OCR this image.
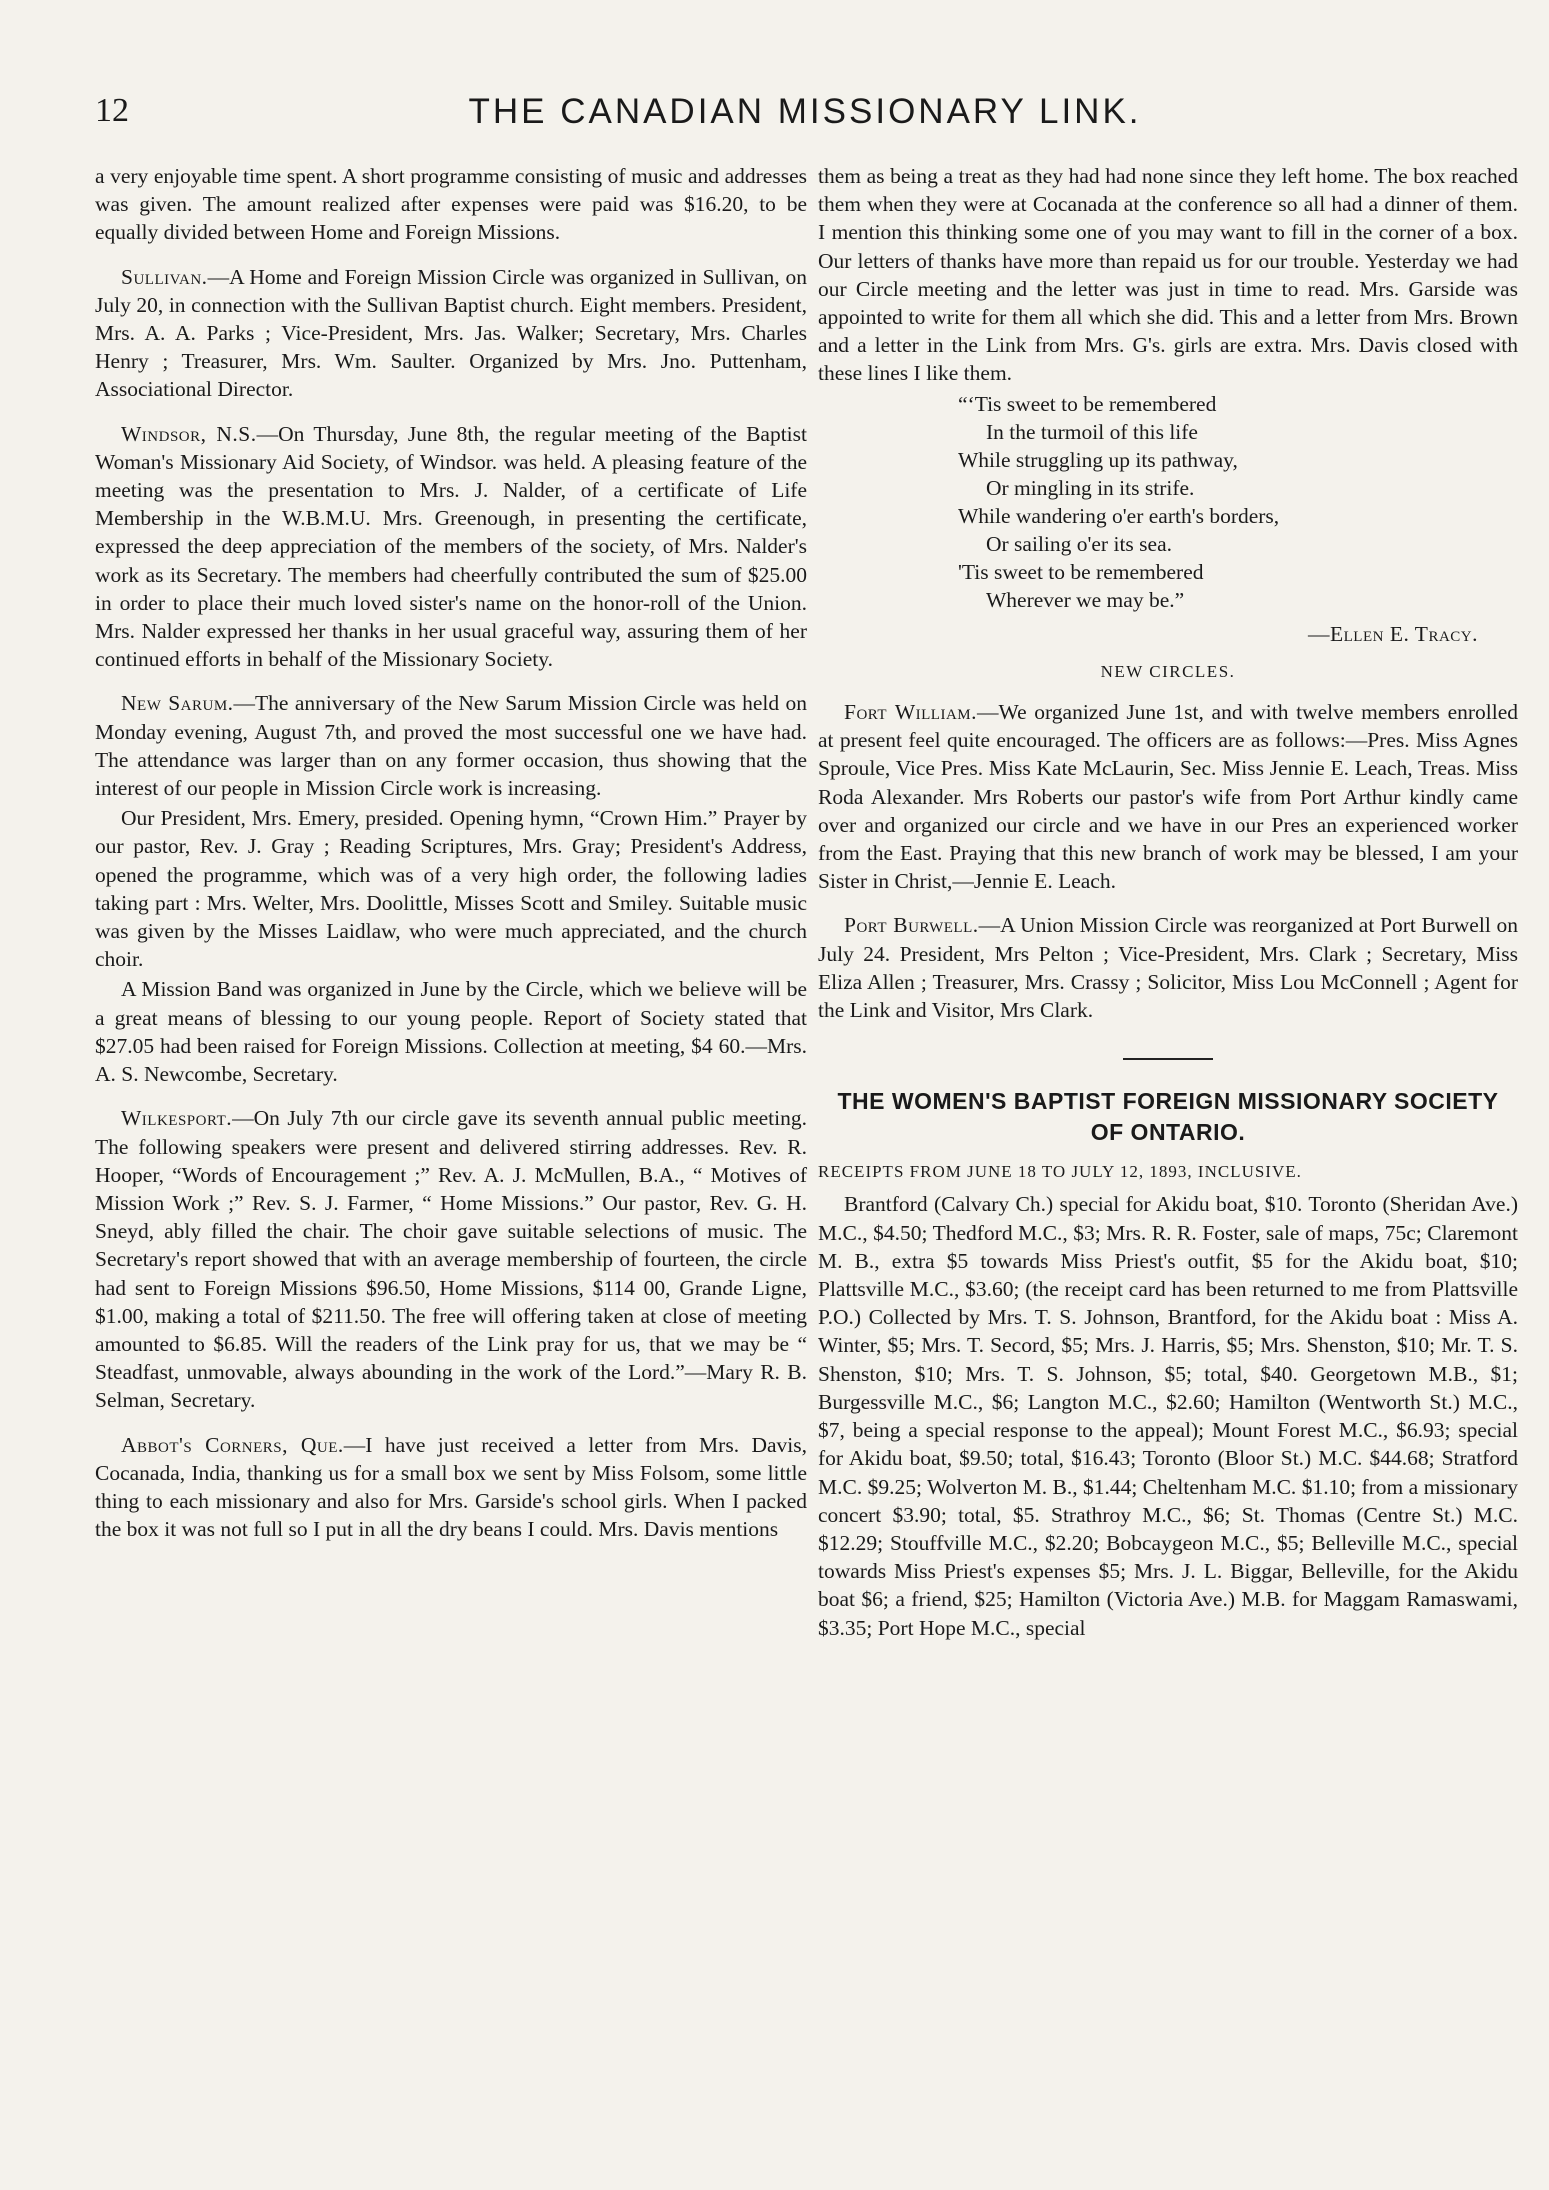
12	THE CANADIAN MISSIONARY LINK.

a very enjoyable time spent. A short programme consisting of music and addresses was given. The amount realized after expenses were paid was $16.20, to be equally divided between Home and Foreign Missions.

Sullivan.—A Home and Foreign Mission Circle was organized in Sullivan, on July 20, in connection with the Sullivan Baptist church. Eight members. President, Mrs. A. A. Parks ; Vice-President, Mrs. Jas. Walker; Secretary, Mrs. Charles Henry ; Treasurer, Mrs. Wm. Saulter. Organized by Mrs. Jno. Puttenham, Associational Director.

Windsor, N.S.—On Thursday, June 8th, the regular meeting of the Baptist Woman's Missionary Aid Society, of Windsor. was held. A pleasing feature of the meeting was the presentation to Mrs. J. Nalder, of a certificate of Life Membership in the W.B.M.U. Mrs. Greenough, in presenting the certificate, expressed the deep appreciation of the members of the society, of Mrs. Nalder's work as its Secretary. The members had cheerfully contributed the sum of $25.00 in order to place their much loved sister's name on the honor-roll of the Union. Mrs. Nalder expressed her thanks in her usual graceful way, assuring them of her continued efforts in behalf of the Missionary Society.

New Sarum.—The anniversary of the New Sarum Mission Circle was held on Monday evening, August 7th, and proved the most successful one we have had. The attendance was larger than on any former occasion, thus showing that the interest of our people in Mission Circle work is increasing.

Our President, Mrs. Emery, presided. Opening hymn, “Crown Him.” Prayer by our pastor, Rev. J. Gray ; Reading Scriptures, Mrs. Gray; President's Address, opened the programme, which was of a very high order, the following ladies taking part : Mrs. Welter, Mrs. Doolittle, Misses Scott and Smiley. Suitable music was given by the Misses Laidlaw, who were much appreciated, and the church choir.

A Mission Band was organized in June by the Circle, which we believe will be a great means of blessing to our young people. Report of Society stated that $27.05 had been raised for Foreign Missions. Collection at meeting, $4 60.—Mrs. A. S. Newcombe, Secretary.

Wilkesport.—On July 7th our circle gave its seventh annual public meeting. The following speakers were present and delivered stirring addresses. Rev. R. Hooper, “Words of Encouragement ;” Rev. A. J. McMullen, B.A., “ Motives of Mission Work ;” Rev. S. J. Farmer, “ Home Missions.” Our pastor, Rev. G. H. Sneyd, ably filled the chair. The choir gave suitable selections of music. The Secretary's report showed that with an average membership of fourteen, the circle had sent to Foreign Missions $96.50, Home Missions, $114 00, Grande Ligne, $1.00, making a total of $211.50. The free will offering taken at close of meeting amounted to $6.85. Will the readers of the Link pray for us, that we may be “ Steadfast, unmovable, always abounding in the work of the Lord.”—Mary R. B. Selman, Secretary.

Abbot's Corners, Que.—I have just received a letter from Mrs. Davis, Cocanada, India, thanking us for a small box we sent by Miss Folsom, some little thing to each missionary and also for Mrs. Garside's school girls. When I packed the box it was not full so I put in all the dry beans I could. Mrs. Davis mentions

them as being a treat as they had had none since they left home. The box reached them when they were at Cocanada at the conference so all had a dinner of them. I mention this thinking some one of you may want to fill in the corner of a box. Our letters of thanks have more than repaid us for our trouble. Yesterday we had our Circle meeting and the letter was just in time to read. Mrs. Garside was appointed to write for them all which she did. This and a letter from Mrs. Brown and a letter in the Link from Mrs. G's. girls are extra. Mrs. Davis closed with these lines I like them.

“‘Tis sweet to be remembered
In the turmoil of this life
While struggling up its pathway,
Or mingling in its strife.
While wandering o'er earth's borders,
Or sailing o'er its sea.
'Tis sweet to be remembered
Wherever we may be.”
—Ellen E. Tracy.
NEW CIRCLES.

Fort William.—We organized June 1st, and with twelve members enrolled at present feel quite encouraged. The officers are as follows:—Pres. Miss Agnes Sproule, Vice Pres. Miss Kate McLaurin, Sec. Miss Jennie E. Leach, Treas. Miss Roda Alexander. Mrs Roberts our pastor's wife from Port Arthur kindly came over and organized our circle and we have in our Pres an experienced worker from the East. Praying that this new branch of work may be blessed, I am your Sister in Christ,—Jennie E. Leach.

Port Burwell.—A Union Mission Circle was reorganized at Port Burwell on July 24. President, Mrs Pelton ; Vice-President, Mrs. Clark ; Secretary, Miss Eliza Allen ; Treasurer, Mrs. Crassy ; Solicitor, Miss Lou McConnell ; Agent for the Link and Visitor, Mrs Clark.

THE WOMEN'S BAPTIST FOREIGN MISSIONARY SOCIETY OF ONTARIO.
RECEIPTS FROM JUNE 18 TO JULY 12, 1893, INCLUSIVE.

Brantford (Calvary Ch.) special for Akidu boat, $10. Toronto (Sheridan Ave.) M.C., $4.50; Thedford M.C., $3; Mrs. R. R. Foster, sale of maps, 75c; Claremont M. B., extra $5 towards Miss Priest's outfit, $5 for the Akidu boat, $10; Plattsville M.C., $3.60; (the receipt card has been returned to me from Plattsville P.O.) Collected by Mrs. T. S. Johnson, Brantford, for the Akidu boat : Miss A. Winter, $5; Mrs. T. Secord, $5; Mrs. J. Harris, $5; Mrs. Shenston, $10; Mr. T. S. Shenston, $10; Mrs. T. S. Johnson, $5; total, $40. Georgetown M.B., $1; Burgessville M.C., $6; Langton M.C., $2.60; Hamilton (Wentworth St.) M.C., $7, being a special response to the appeal); Mount Forest M.C., $6.93; special for Akidu boat, $9.50; total, $16.43; Toronto (Bloor St.) M.C. $44.68; Stratford M.C. $9.25; Wolverton M. B., $1.44; Cheltenham M.C. $1.10; from a missionary concert $3.90; total, $5. Strathroy M.C., $6; St. Thomas (Centre St.) M.C. $12.29; Stouffville M.C., $2.20; Bobcaygeon M.C., $5; Belleville M.C., special towards Miss Priest's expenses $5; Mrs. J. L. Biggar, Belleville, for the Akidu boat $6; a friend, $25; Hamilton (Victoria Ave.) M.B. for Maggam Ramaswami, $3.35; Port Hope M.C., special
